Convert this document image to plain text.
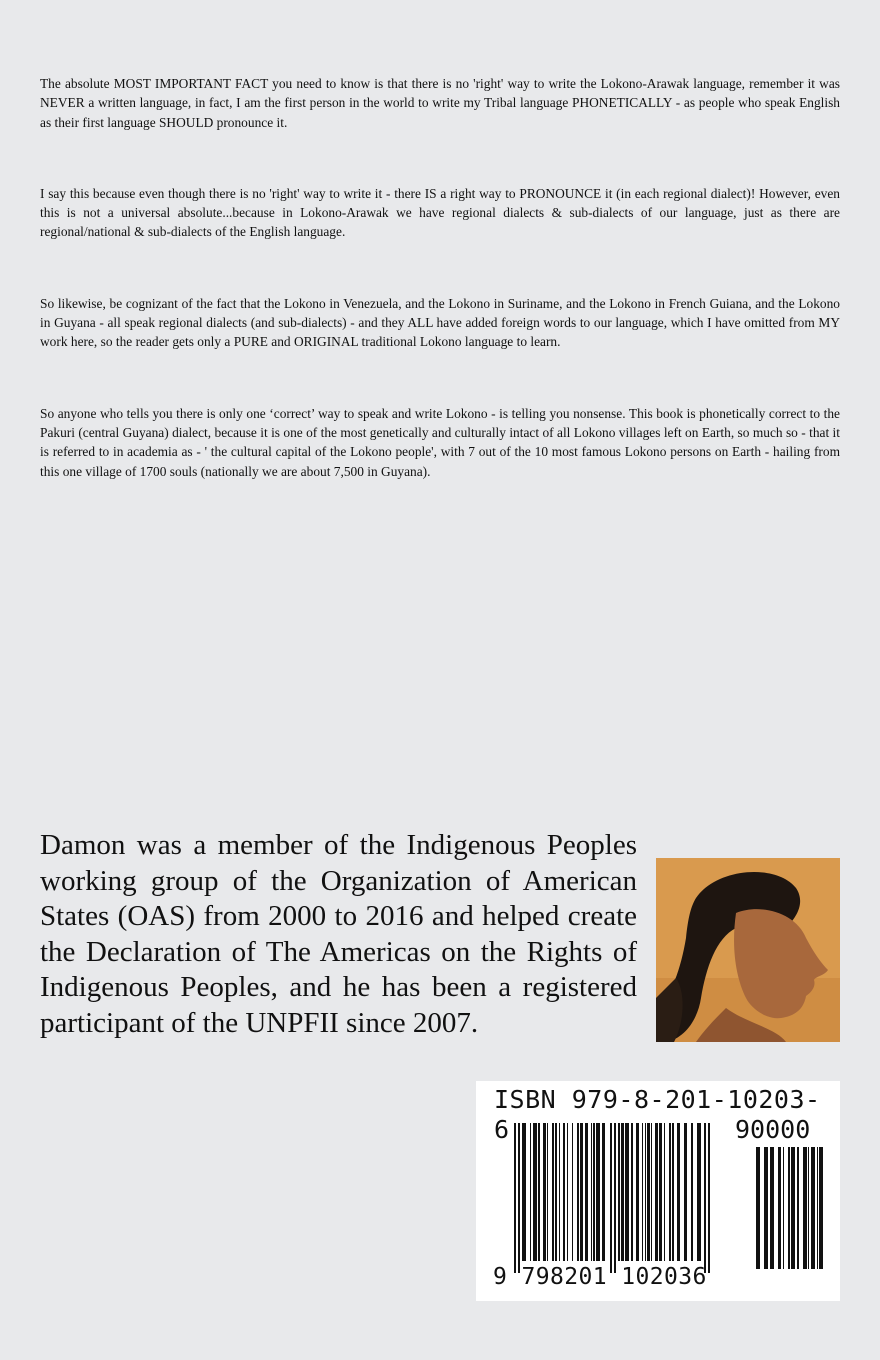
The absolute MOST IMPORTANT FACT you need to know is that there is no 'right' way to write the Lokono-Arawak language, remember it was NEVER a written language, in fact, I am the first person in the world to write my Tribal language PHONETICALLY - as people who speak English as their first language SHOULD pronounce it.

I say this because even though there is no 'right' way to write it - there IS a right way to PRONOUNCE it (in each regional dialect)! However, even this is not a universal absolute...because in Lokono-Arawak we have regional dialects & sub-dialects of our language, just as there are regional/national & sub-dialects of the English language.

So likewise, be cognizant of the fact that the Lokono in Venezuela, and the Lokono in Suriname, and the Lokono in French Guiana, and the Lokono in Guyana - all speak regional dialects (and sub-dialects) - and they ALL have added foreign words to our language, which I have omitted from MY work here, so the reader gets only a PURE and ORIGINAL traditional Lokono language to learn.

So anyone who tells you there is only one ‘correct’ way to speak and write Lokono - is telling you nonsense. This book is phonetically correct to the Pakuri (central Guyana) dialect, because it is one of the most genetically and culturally intact of all Lokono villages left on Earth, so much so - that it is referred to in academia as - ' the cultural capital of the Lokono people', with 7 out of the 10 most famous Lokono persons on Earth - hailing from this one village of 1700 souls (nationally we are about 7,500 in Guyana).

Damon was a member of the Indigenous Peoples working group of the Organization of American States (OAS) from 2000 to 2016 and helped create the Declaration of The Americas on the Rights of Indigenous Peoples, and he has been a registered participant of the UNPFII since 2007.

ISBN 979-8-201-10203-6	90000
9 798201 102036
